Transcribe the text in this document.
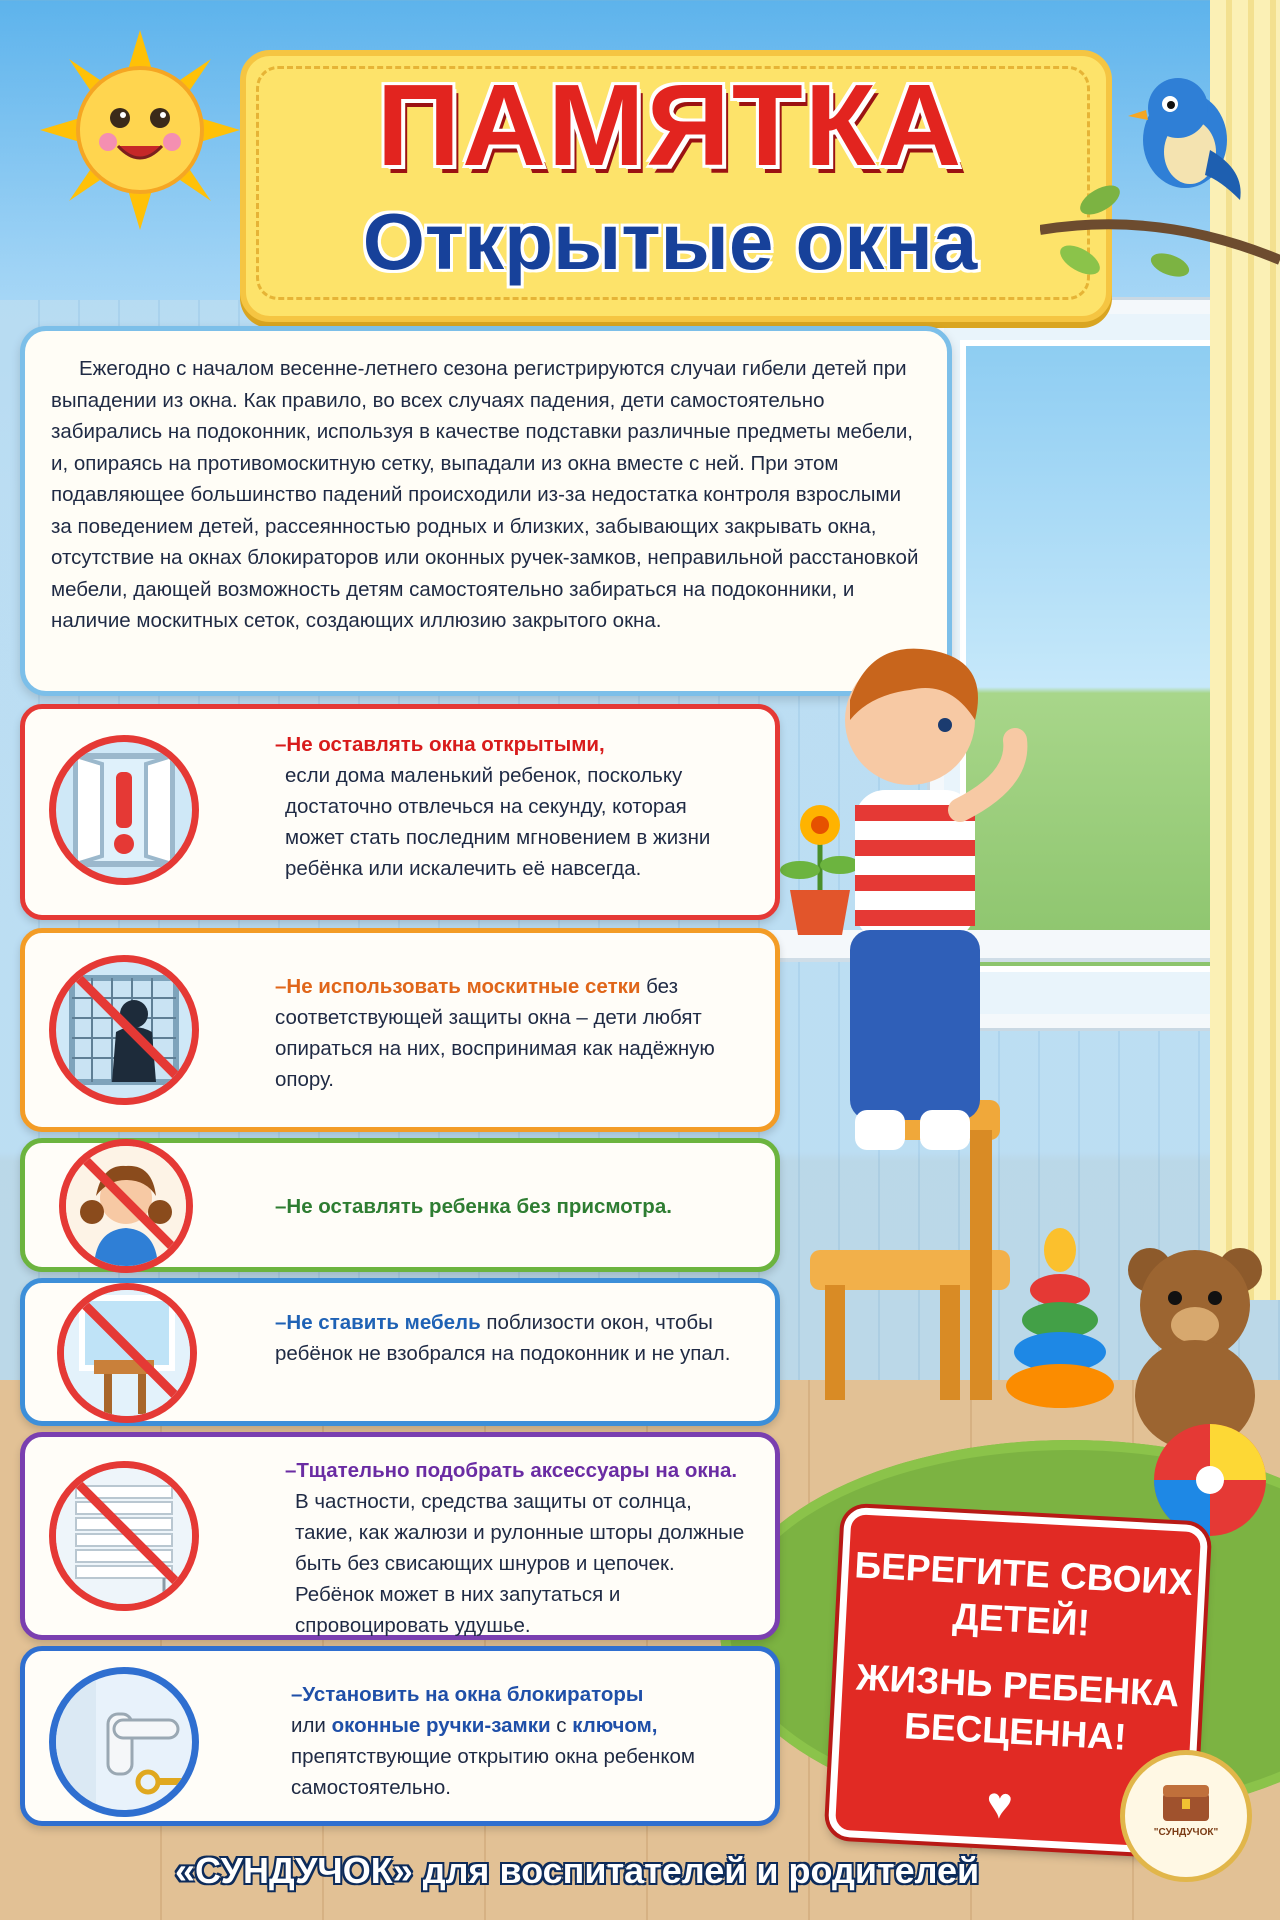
ПАМЯТКА
Открытые окна

Ежегодно с началом весенне-летнего сезона регистрируются случаи гибели детей при выпадении из окна. Как правило, во всех случаях падения, дети самостоятельно забирались на подоконник, используя в качестве подставки различные предметы мебели, и, опираясь на противомоскитную сетку, выпадали из окна вместе с ней. При этом подавляющее большинство падений происходили из-за недостатка контроля взрослыми за поведением детей, рассеянностью родных и близких, забывающих закрывать окна, отсутствие на окнах блокираторов или оконных ручек-замков, неправильной расстановкой мебели, дающей возможность детям самостоятельно забираться на подоконники, и наличие москитных сеток, создающих иллюзию закрытого окна.

–Не оставлять окна открытыми,

если дома маленький ребенок, поскольку достаточно отвлечься на секунду, которая может стать последним мгновением в жизни ребёнка или искалечить её навсегда.
–Не использовать москитные сетки без соответствующей защиты окна – дети любят опираться на них, воспринимая как надёжную опору.
–Не оставлять ребенка без присмотра.
–Не ставить мебель поблизости окон, чтобы ребёнок не взобрался на подоконник и не упал.
–Тщательно подобрать аксессуары на окна.

В частности, средства защиты от солнца, такие, как жалюзи и рулонные шторы должные быть без свисающих шнуров и цепочек. Ребёнок может в них запутаться и спровоцировать удушье.
–Установить на окна блокираторы
или оконные ручки-замки с ключом,

препятствующие открытию окна ребенком самостоятельно.
БЕРЕГИТЕ СВОИХ ДЕТЕЙ!
ЖИЗНЬ РЕБЕНКА БЕСЦЕННА!
♥
"СУНДУЧОК"
«СУНДУЧОК» для воспитателей и родителей
